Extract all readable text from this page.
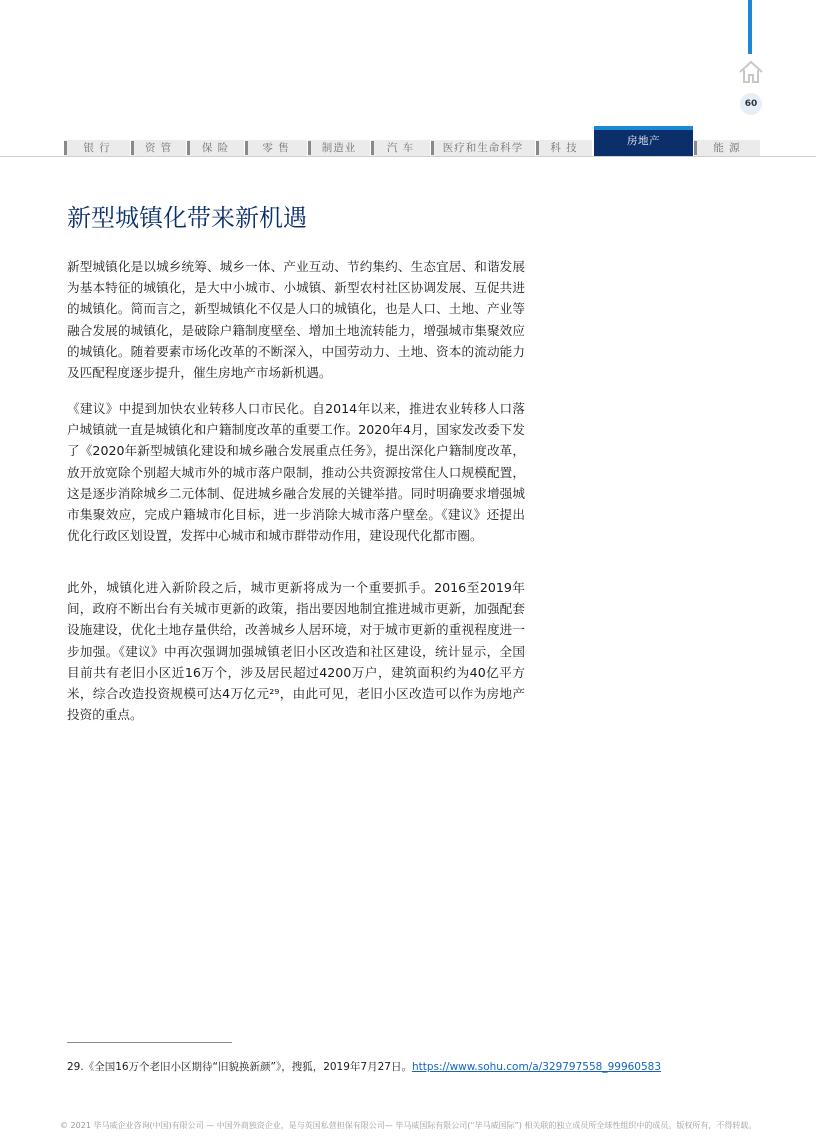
60
银 行	资 管	保 险	零 售	制造业	汽 车	医疗和生命科学	科 技
房地产
能 源
新型城镇化带来新机遇

新型城镇化是以城乡统筹、城乡一体、产业互动、节约集约、生态宜居、和谐发展为基本特征的城镇化，是大中小城市、小城镇、新型农村社区协调发展、互促共进的城镇化。简而言之，新型城镇化不仅是人口的城镇化，也是人口、土地、产业等融合发展的城镇化，是破除户籍制度壁垒、增加土地流转能力，增强城市集聚效应的城镇化。随着要素市场化改革的不断深入，中国劳动力、土地、资本的流动能力及匹配程度逐步提升，催生房地产市场新机遇。

《建议》中提到加快农业转移人口市民化。自2014年以来，推进农业转移人口落户城镇就一直是城镇化和户籍制度改革的重要工作。2020年4月，国家发改委下发了《2020年新型城镇化建设和城乡融合发展重点任务》，提出深化户籍制度改革，放开放宽除个别超大城市外的城市落户限制，推动公共资源按常住人口规模配置，这是逐步消除城乡二元体制、促进城乡融合发展的关键举措。同时明确要求增强城市集聚效应，完成户籍城市化目标，进一步消除大城市落户壁垒。《建议》还提出优化行政区划设置，发挥中心城市和城市群带动作用，建设现代化都市圈。

此外，城镇化进入新阶段之后，城市更新将成为一个重要抓手。2016至2019年间，政府不断出台有关城市更新的政策，指出要因地制宜推进城市更新，加强配套设施建设，优化土地存量供给，改善城乡人居环境，对于城市更新的重视程度进一步加强。《建议》中再次强调加强城镇老旧小区改造和社区建设，统计显示，全国目前共有老旧小区近16万个，涉及居民超过4200万户，建筑面积约为40亿平方米，综合改造投资规模可达4万亿元²⁹，由此可见，老旧小区改造可以作为房地产投资的重点。

29.《全国16万个老旧小区期待“旧貌换新颜”》，搜狐，2019年7月27日。https://www.sohu.com/a/329797558_99960583
© 2021 毕马威企业咨询(中国)有限公司 — 中国外商独资企业，是与英国私营担保有限公司— 毕马威国际有限公司(“毕马威国际”) 相关联的独立成员所全球性组织中的成员。版权所有，不得转载。
